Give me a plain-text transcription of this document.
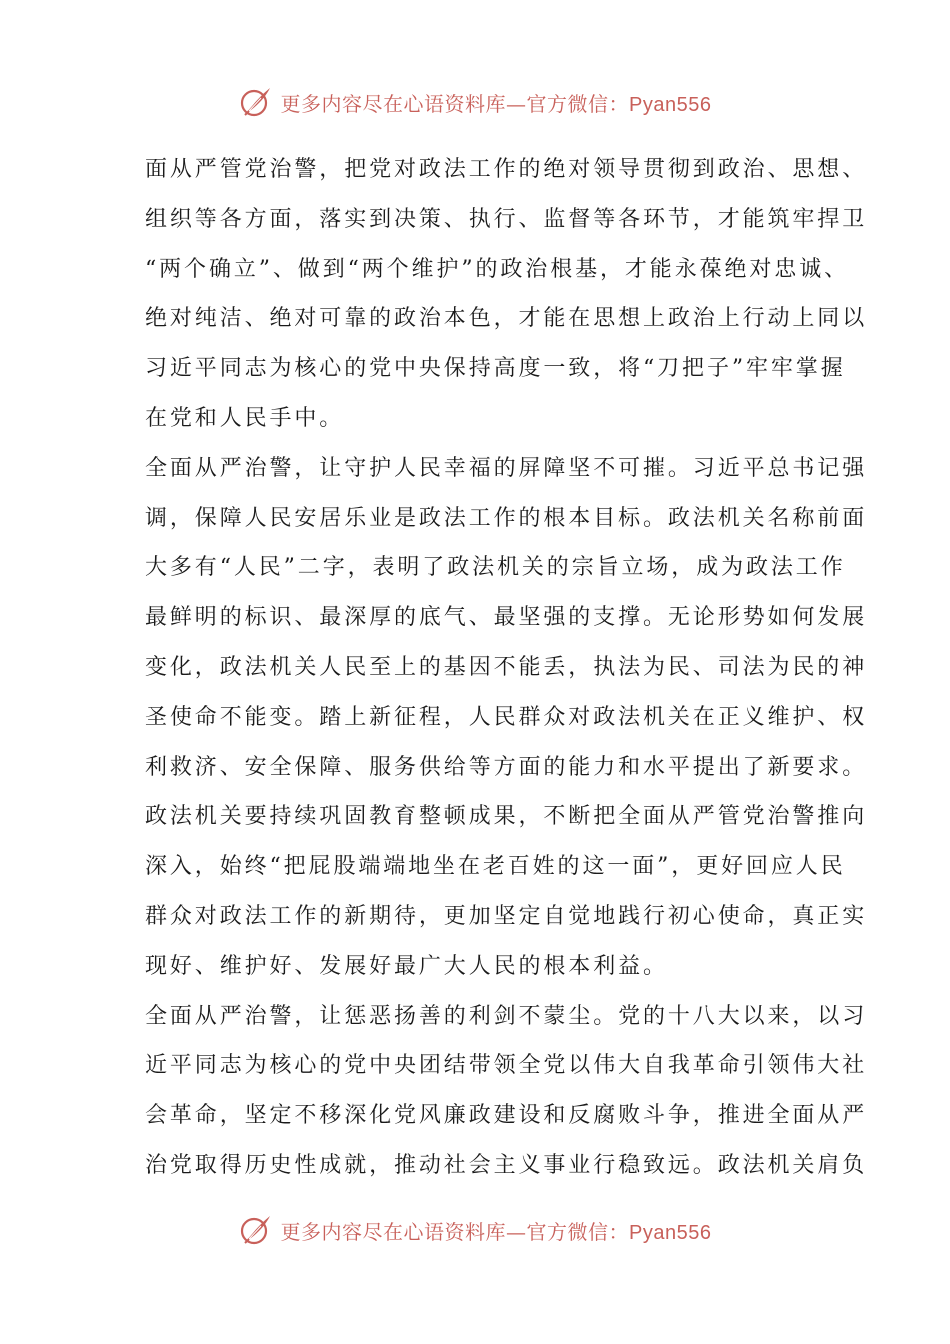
更多内容尽在心语资料库—官方微信：Pyan556
面从严管党治警，把党对政法工作的绝对领导贯彻到政治、思想、
组织等各方面，落实到决策、执行、监督等各环节，才能筑牢捍卫
“两个确立”、做到“两个维护”的政治根基，才能永葆绝对忠诚、
绝对纯洁、绝对可靠的政治本色，才能在思想上政治上行动上同以
习近平同志为核心的党中央保持高度一致，将“刀把子”牢牢掌握
在党和人民手中。
全面从严治警，让守护人民幸福的屏障坚不可摧。习近平总书记强
调，保障人民安居乐业是政法工作的根本目标。政法机关名称前面
大多有“人民”二字，表明了政法机关的宗旨立场，成为政法工作
最鲜明的标识、最深厚的底气、最坚强的支撑。无论形势如何发展
变化，政法机关人民至上的基因不能丢，执法为民、司法为民的神
圣使命不能变。踏上新征程，人民群众对政法机关在正义维护、权
利救济、安全保障、服务供给等方面的能力和水平提出了新要求。
政法机关要持续巩固教育整顿成果，不断把全面从严管党治警推向
深入，始终“把屁股端端地坐在老百姓的这一面”，更好回应人民
群众对政法工作的新期待，更加坚定自觉地践行初心使命，真正实
现好、维护好、发展好最广大人民的根本利益。
全面从严治警，让惩恶扬善的利剑不蒙尘。党的十八大以来，以习
近平同志为核心的党中央团结带领全党以伟大自我革命引领伟大社
会革命，坚定不移深化党风廉政建设和反腐败斗争，推进全面从严
治党取得历史性成就，推动社会主义事业行稳致远。政法机关肩负
更多内容尽在心语资料库—官方微信：Pyan556
